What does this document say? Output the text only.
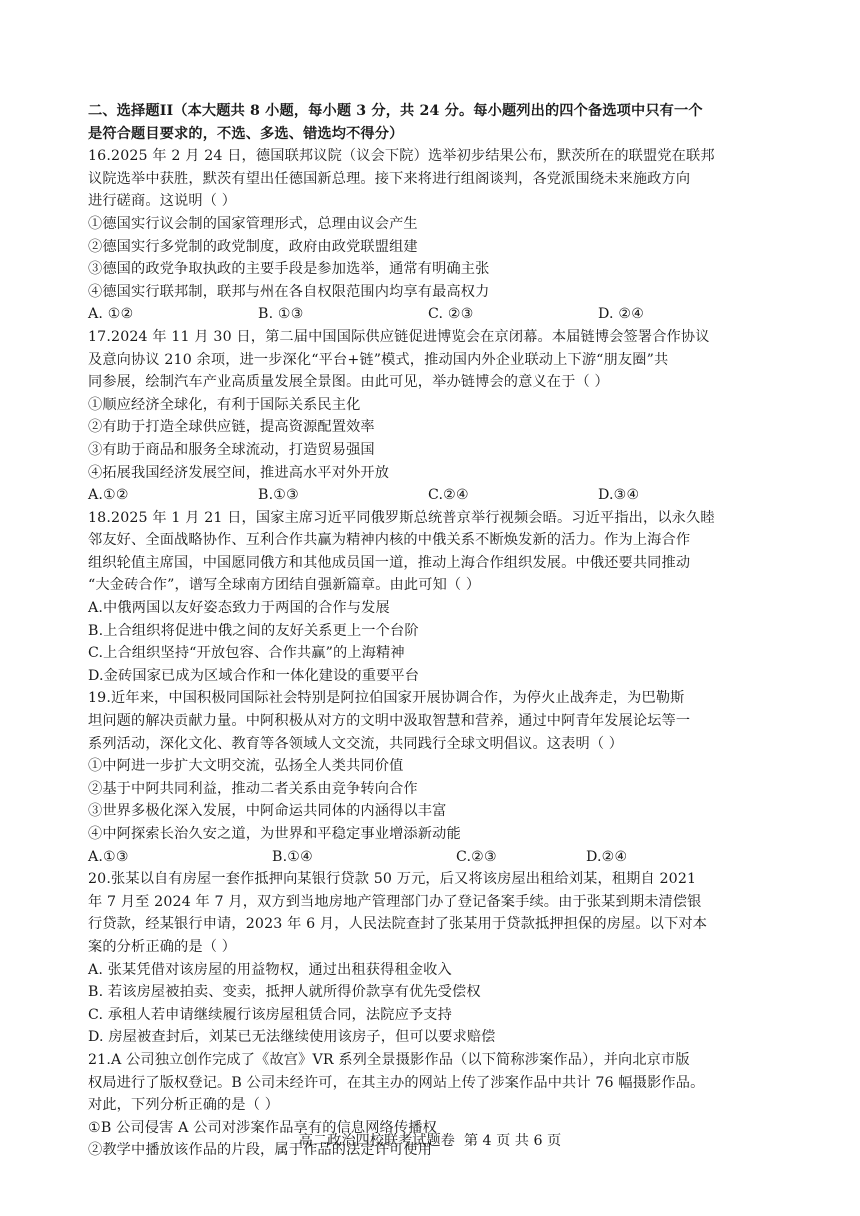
二、选择题II（本大题共 8 小题，每小题 3 分，共 24 分。每小题列出的四个备选项中只有一个
是符合题目要求的，不选、多选、错选均不得分）
16.2025 年 2 月 24 日，德国联邦议院（议会下院）选举初步结果公布，默茨所在的联盟党在联邦
议院选举中获胜，默茨有望出任德国新总理。接下来将进行组阁谈判，各党派围绕未来施政方向
进行磋商。这说明（ ）
①德国实行议会制的国家管理形式，总理由议会产生
②德国实行多党制的政党制度，政府由政党联盟组建
③德国的政党争取执政的主要手段是参加选举，通常有明确主张
④德国实行联邦制，联邦与州在各自权限范围内均享有最高权力
A. ①②	B. ①③	C. ②③	D. ②④
17.2024 年 11 月 30 日，第二届中国国际供应链促进博览会在京闭幕。本届链博会签署合作协议
及意向协议 210 余项，进一步深化“平台+链”模式，推动国内外企业联动上下游“朋友圈”共
同参展，绘制汽车产业高质量发展全景图。由此可见，举办链博会的意义在于（ ）
①顺应经济全球化，有利于国际关系民主化
②有助于打造全球供应链，提高资源配置效率
③有助于商品和服务全球流动，打造贸易强国
④拓展我国经济发展空间，推进高水平对外开放
A.①②	B.①③	C.②④	D.③④
18.2025 年 1 月 21 日，国家主席习近平同俄罗斯总统普京举行视频会晤。习近平指出，以永久睦
邻友好、全面战略协作、互利合作共赢为精神内核的中俄关系不断焕发新的活力。作为上海合作
组织轮值主席国，中国愿同俄方和其他成员国一道，推动上海合作组织发展。中俄还要共同推动
“大金砖合作”，谱写全球南方团结自强新篇章。由此可知（ ）
A.中俄两国以友好姿态致力于两国的合作与发展
B.上合组织将促进中俄之间的友好关系更上一个台阶
C.上合组织坚持“开放包容、合作共赢”的上海精神
D.金砖国家已成为区域合作和一体化建设的重要平台
19.近年来，中国积极同国际社会特别是阿拉伯国家开展协调合作，为停火止战奔走，为巴勒斯
坦问题的解决贡献力量。中阿积极从对方的文明中汲取智慧和营养，通过中阿青年发展论坛等一
系列活动，深化文化、教育等各领域人文交流，共同践行全球文明倡议。这表明（ ）
①中阿进一步扩大文明交流，弘扬全人类共同价值
②基于中阿共同利益，推动二者关系由竞争转向合作
③世界多极化深入发展，中阿命运共同体的内涵得以丰富
④中阿探索长治久安之道，为世界和平稳定事业增添新动能
A.①③	B.①④	C.②③	D.②④
20.张某以自有房屋一套作抵押向某银行贷款 50 万元，后又将该房屋出租给刘某，租期自 2021
年 7 月至 2024 年 7 月，双方到当地房地产管理部门办了登记备案手续。由于张某到期未清偿银
行贷款，经某银行申请，2023 年 6 月，人民法院查封了张某用于贷款抵押担保的房屋。以下对本
案的分析正确的是（ ）
A. 张某凭借对该房屋的用益物权，通过出租获得租金收入
B. 若该房屋被拍卖、变卖，抵押人就所得价款享有优先受偿权
C. 承租人若申请继续履行该房屋租赁合同，法院应予支持
D. 房屋被查封后，刘某已无法继续使用该房子，但可以要求赔偿
21.A 公司独立创作完成了《故宫》VR 系列全景摄影作品（以下简称涉案作品），并向北京市版
权局进行了版权登记。B 公司未经许可，在其主办的网站上传了涉案作品中共计 76 幅摄影作品。
对此，下列分析正确的是（ ）
①B 公司侵害 A 公司对涉案作品享有的信息网络传播权
②教学中播放该作品的片段，属于作品的法定许可使用
高二政治四校联考试题卷  第 4 页 共 6 页
